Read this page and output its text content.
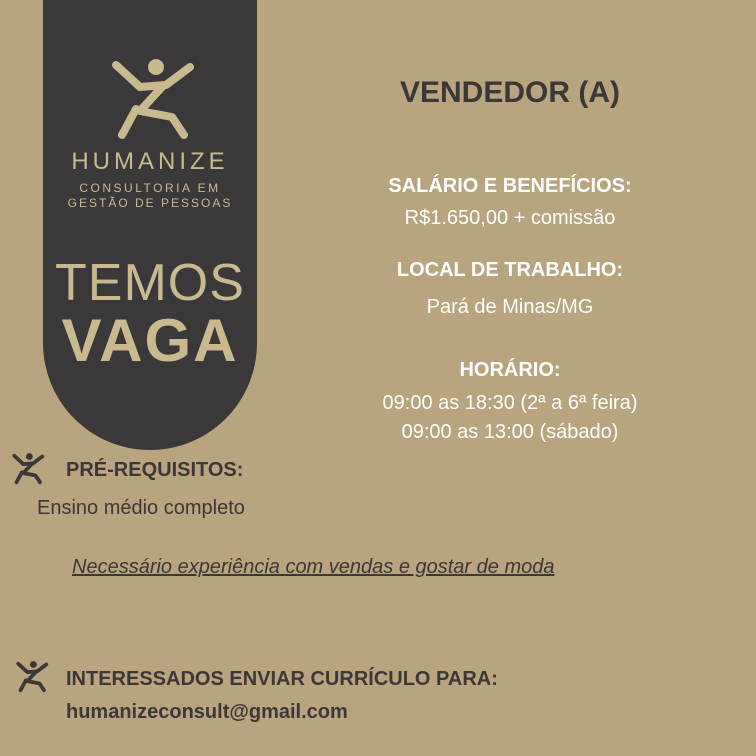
HUMANIZE
CONSULTORIA EM
GESTÃO DE PESSOAS
TEMOS
VAGA
VENDEDOR (A)
SALÁRIO E BENEFÍCIOS:
R$1.650,00 + comissão
LOCAL DE TRABALHO:
Pará de Minas/MG
HORÁRIO:
09:00 as 18:30 (2ª a 6ª feira)
09:00 as 13:00 (sábado)
PRÉ-REQUISITOS:
Ensino médio completo
Necessário experiência com vendas e gostar de moda
INTERESSADOS ENVIAR CURRÍCULO PARA:
humanizeconsult@gmail.com
